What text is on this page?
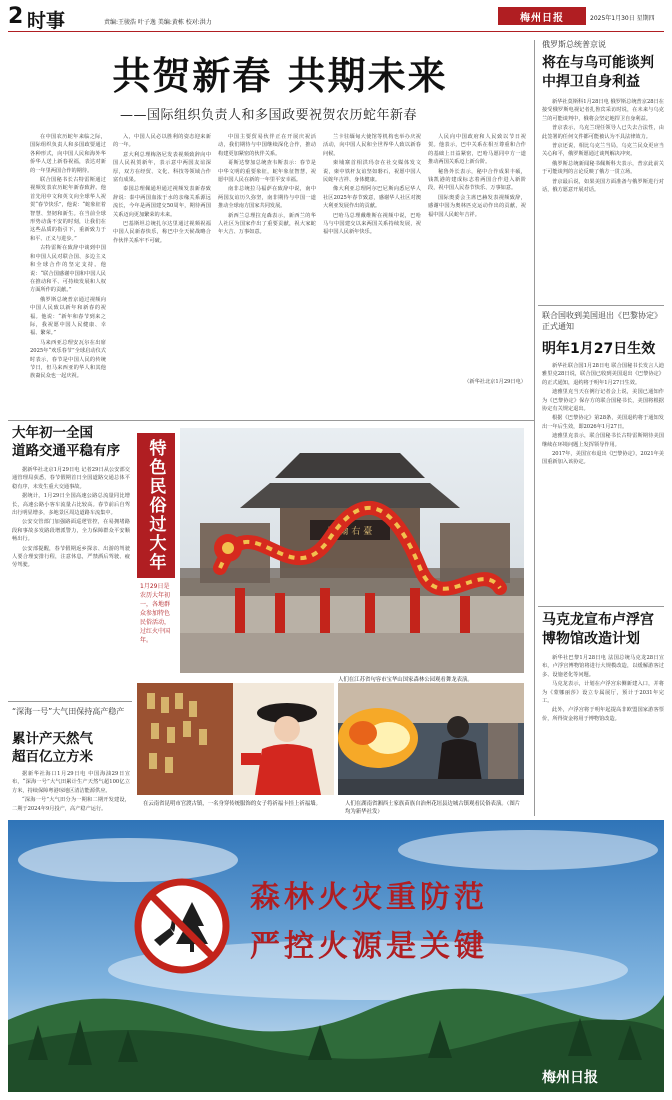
2 时事	责编:王骏浩 叶子逸 美编:黄栋 校对:洪力	梅州日报	2025年1月30日 星期四
共贺新春 共期未来
——国际组织负责人和多国政要祝贺农历蛇年新春

在中国农历蛇年来临之际，国际组织负责人和多国政要通过各种形式，向中国人民和海外华侨华人送上新春祝福，表达对新的一年里两国合作的期待。

联合国秘书长古特雷斯通过视频发表农历蛇年新春致辞。他首先用中文和英文向全球华人祝贺“春节快乐”，他说：“蛇象征着智慧、坚韧和新生。在当前全球形势动荡不安的时刻，让我们在这些品质的指引下，重新致力于和平、正义与进步。”

古特雷斯在致辞中谈到中国和中国人民对联合国、多边主义和全球合作的坚定支持。他说：“联合国感谢中国和中国人民在推动和平、可持续发展和人权方面所作的贡献。”

俄罗斯总统普京通过视频向中国人民致以新年和新春的祝福。他说：“新年和春节到来之际，我祝愿中国人民健康、幸福、繁荣。”

马来西亚总理安瓦尔在出席2025年“欢乐春节”全球启动仪式时表示，春节是中国人民的传统节日，但马来西亚的华人和其他族裔民众也一起庆祝。

入，中国人民必以胜利的姿态迎来新的一年。

意大利总理梅洛尼发表视频致辞向中国人民祝贺新年，表示意中两国友谊深厚，双方在经贸、文化、科技等领域合作富有成果。

泰国总理佩通坦通过视频发表新春致辞说：泰中两国血浓于水的亲缘关系源远流长，今年是两国建交50周年，期待两国关系迈向更加繁荣的未来。

巴基斯坦总统扎尔达里通过视频祝福中国人民新春快乐，称巴中全天候战略合作伙伴关系牢不可破。

中国主要贸易伙伴正在开展庆祝活动，我们期待与中国继续深化合作，推动构建更加紧密的伙伴关系。

哥斯达黎加总统查韦斯表示：春节是中华文明的重要象征，蛇年象征智慧，祝愿中国人民在新的一年里平安幸福。

南非总统拉马福萨在致辞中说，南中两国友谊历久弥坚，南非期待与中国一道推动全球南方国家共同发展。

新西兰总理拉克森表示，新西兰的华人社区为国家作出了重要贡献，祝大家蛇年大吉、万事如意。

兰卡驻缅甸大使馆等机构也举办庆祝活动，向中国人民和全世界华人致以新春问候。

柬埔寨首相洪玛奈在社交媒体发文说，柬中铁杆友谊坚如磐石，祝愿中国人民蛇年吉祥、身体健康。

像大利亚总理阿尔巴尼斯向悉尼华人社区2025年春节致意，感谢华人社区对澳大利亚发展作出的贡献。

巴哈马总理戴维斯在视频中说，巴哈马与中国建交以来两国关系持续发展，祝福中国人民新年快乐。

人民向中国政府和人民致以节日祝贺。他表示，巴中关系在相互尊重和合作的基础上日益紧密，巴哈马愿同中方一道推动两国关系迈上新台阶。

秘鲁外长表示，秘中合作成果丰硕，钱凯港的建成标志着两国合作进入新阶段，祝中国人民春节快乐、万事如意。

国际奥委会主席巴赫发表视频致辞，感谢中国为奥林匹克运动作出的贡献，祝福中国人民蛇年吉祥。

（新华社北京1月29日电）
大年初一全国
道路交通平稳有序

据新华社北京1月29日电 记者29日从公安部交通管理局获悉，春节假期首日全国道路交通总体平稳有序，未发生重大交通事故。

据统计，1月29日全国高速公路总流量同比增长，高速公路小客车流量占比较高。春节前后自驾出行明显增多，多地景区周边道路车流集中。

公安交管部门加强路面巡逻管控，在易拥堵路段和事故多发路段增派警力，全力保障群众平安顺畅出行。

公安部提醒，春节假期返乡探亲、出游的驾驶人要合理安排行程，注意休息，严禁酒后驾驶、疲劳驾驶。

“深海一号”大气田保持高产稳产
累计产天然气
超百亿立方米

据新华社海口1月29日电 中国海油29日宣布，“深海一号”大气田累计生产天然气超100亿立方米，持续保障粤港琼地区清洁能源供应。

“深海一号”大气田分为一期和二期开发建设，二期于2024年9月投产，高产稳产运行。

特色民俗过大年
1月29日是农历大年初一，各地群众参加特色民俗活动，过红火中国年。
財 爾 右 臺
人们在江苏省句容市宝华山国家森林公园观看舞龙表演。
在云南省昆明市官渡古镇，一名身穿传统服饰的女子将祈福卡挂上祈福墙。	人们在湖南省湘西土家族苗族自治州花垣县边城古镇观看民俗表演。（图片均为新华社发）
俄罗斯总统普京说
将在与乌可能谈判
中捍卫自身利益

新华社莫斯科1月28日电 俄罗斯总统普京28日在接受俄罗斯电视记者扎鲁宾采访时说，在未来与乌克兰的可能谈判中，俄将会坚定地捍卫自身利益。

普京表示，乌克兰现任领导人已失去合法性，由此签署的任何文件都可能被认为不具法律效力。

普京还说，相比乌克兰当局，乌克兰民众更应当关心和平，俄罗斯愿通过谈判解决冲突。

俄罗斯总统新闻秘书佩斯科夫表示，普京此前关于可能谈判的言论反映了俄方一贯立场。

普京最后说，如果美国方面准备与俄罗斯进行对话，俄方愿意开展对话。

联合国收到美国退出《巴黎协定》正式通知
明年1月27日生效

新华社联合国1月28日电 联合国秘书长发言人迪雅里克28日说，联合国已收到美国退出《巴黎协定》的正式通知，退约将于明年1月27日生效。

迪雅里克当天在例行记者会上说，美国已通知作为《巴黎协定》保存方的联合国秘书长，美国将根据协定有关规定退出。

根据《巴黎协定》第28条，美国退约将于通知发出一年后生效，即2026年1月27日。

迪雅里克表示，联合国秘书长古特雷斯期待美国继续在环境问题上发挥领导作用。

2017年，美国宣布退出《巴黎协定》，2021年美国重新加入该协定。

马克龙宣布卢浮宫
博物馆改造计划

新华社巴黎1月28日电 法国总统马克龙28日宣布，卢浮宫博物馆将进行大规模改造，以缓解游客过多、设施老化等问题。

马克龙表示，计划在卢浮宫东侧新建入口，并将为《蒙娜丽莎》设立专属展厅，预计于2031年完工。

此外，卢浮宫将于明年起提高非欧盟国家游客票价，所得资金将用于博物馆改造。

森林火灾重防范
严控火源是关键
梅州日报
